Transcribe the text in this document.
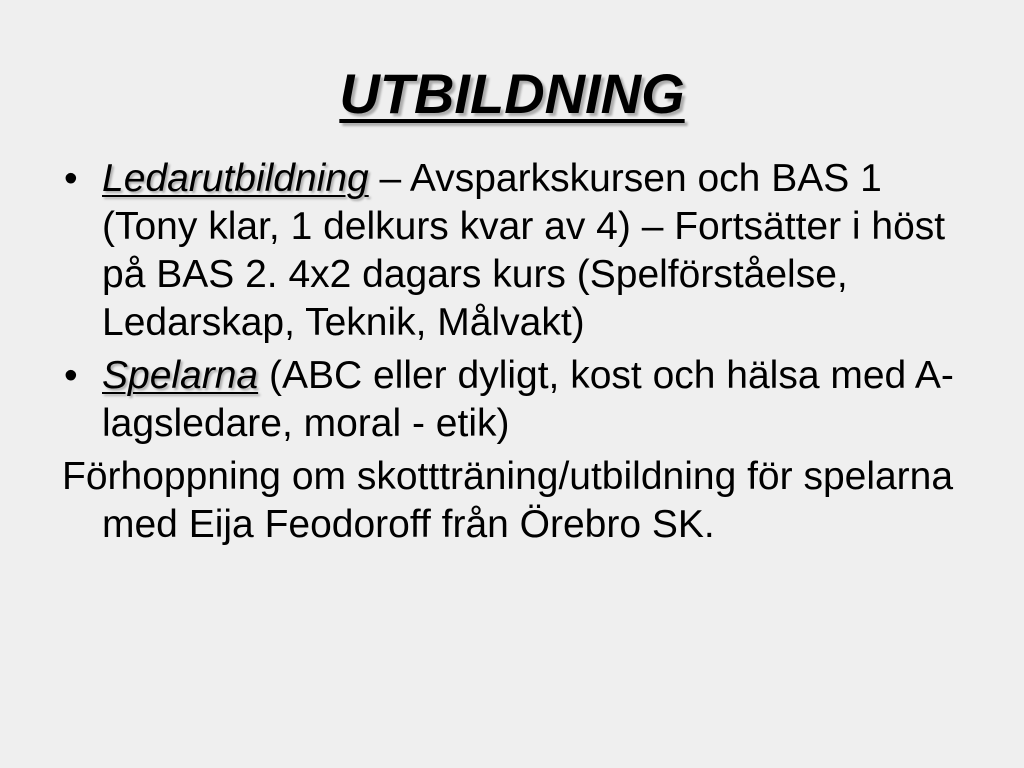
UTBILDNING
• Ledarutbildning – Avsparkskursen och BAS 1 (Tony klar, 1 delkurs kvar av 4) – Fortsätter i höst på BAS 2. 4x2 dagars kurs (Spelförståelse, Ledarskap, Teknik, Målvakt)
• Spelarna (ABC eller dyligt, kost och hälsa med A-lagsledare, moral - etik)
Förhoppning om skottträning/utbildning för spelarna med Eija Feodoroff från Örebro SK.
